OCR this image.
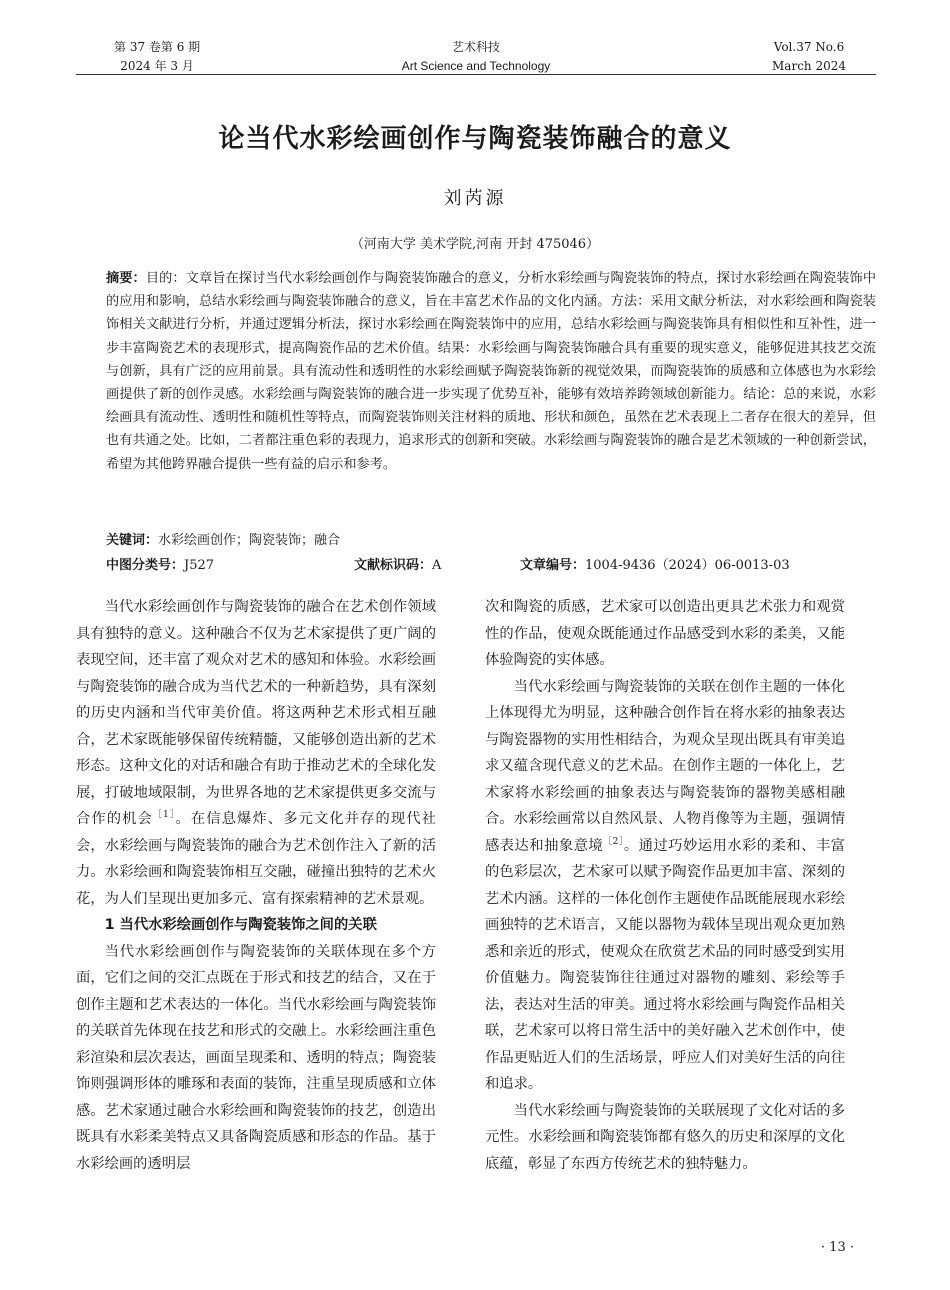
第 37 卷第 6 期
2024 年 3 月
艺术科技
Art Science and Technology
Vol.37 No.6
March 2024
论当代水彩绘画创作与陶瓷装饰融合的意义
刘芮源
（河南大学 美术学院,河南 开封 475046）
摘要：目的：文章旨在探讨当代水彩绘画创作与陶瓷装饰融合的意义，分析水彩绘画与陶瓷装饰的特点，探讨水彩绘画在陶瓷装饰中的应用和影响，总结水彩绘画与陶瓷装饰融合的意义，旨在丰富艺术作品的文化内涵。方法：采用文献分析法，对水彩绘画和陶瓷装饰相关文献进行分析，并通过逻辑分析法，探讨水彩绘画在陶瓷装饰中的应用，总结水彩绘画与陶瓷装饰具有相似性和互补性，进一步丰富陶瓷艺术的表现形式，提高陶瓷作品的艺术价值。结果：水彩绘画与陶瓷装饰融合具有重要的现实意义，能够促进其技艺交流与创新，具有广泛的应用前景。具有流动性和透明性的水彩绘画赋予陶瓷装饰新的视觉效果，而陶瓷装饰的质感和立体感也为水彩绘画提供了新的创作灵感。水彩绘画与陶瓷装饰的融合进一步实现了优势互补，能够有效培养跨领域创新能力。结论：总的来说，水彩绘画具有流动性、透明性和随机性等特点，而陶瓷装饰则关注材料的质地、形状和颜色，虽然在艺术表现上二者存在很大的差异，但也有共通之处。比如，二者都注重色彩的表现力，追求形式的创新和突破。水彩绘画与陶瓷装饰的融合是艺术领域的一种创新尝试，希望为其他跨界融合提供一些有益的启示和参考。
关键词：水彩绘画创作；陶瓷装饰；融合
中图分类号：J527	文献标识码：A	文章编号：1004-9436（2024）06-0013-03

当代水彩绘画创作与陶瓷装饰的融合在艺术创作领域具有独特的意义。这种融合不仅为艺术家提供了更广阔的表现空间，还丰富了观众对艺术的感知和体验。水彩绘画与陶瓷装饰的融合成为当代艺术的一种新趋势，具有深刻的历史内涵和当代审美价值。将这两种艺术形式相互融合，艺术家既能够保留传统精髓，又能够创造出新的艺术形态。这种文化的对话和融合有助于推动艺术的全球化发展，打破地域限制，为世界各地的艺术家提供更多交流与合作的机会$^{[1]}$。在信息爆炸、多元文化并存的现代社会，水彩绘画与陶瓷装饰的融合为艺术创作注入了新的活力。水彩绘画和陶瓷装饰相互交融，碰撞出独特的艺术火花，为人们呈现出更加多元、富有探索精神的艺术景观。

1 当代水彩绘画创作与陶瓷装饰之间的关联

当代水彩绘画创作与陶瓷装饰的关联体现在多个方面，它们之间的交汇点既在于形式和技艺的结合，又在于创作主题和艺术表达的一体化。当代水彩绘画与陶瓷装饰的关联首先体现在技艺和形式的交融上。水彩绘画注重色彩渲染和层次表达，画面呈现柔和、透明的特点；陶瓷装饰则强调形体的雕琢和表面的装饰，注重呈现质感和立体感。艺术家通过融合水彩绘画和陶瓷装饰的技艺，创造出既具有水彩柔美特点又具备陶瓷质感和形态的作品。基于水彩绘画的透明层

次和陶瓷的质感，艺术家可以创造出更具艺术张力和观赏性的作品，使观众既能通过作品感受到水彩的柔美，又能体验陶瓷的实体感。

当代水彩绘画与陶瓷装饰的关联在创作主题的一体化上体现得尤为明显，这种融合创作旨在将水彩的抽象表达与陶瓷器物的实用性相结合，为观众呈现出既具有审美追求又蕴含现代意义的艺术品。在创作主题的一体化上，艺术家将水彩绘画的抽象表达与陶瓷装饰的器物美感相融合。水彩绘画常以自然风景、人物肖像等为主题，强调情感表达和抽象意境$^{[2]}$。通过巧妙运用水彩的柔和、丰富的色彩层次，艺术家可以赋予陶瓷作品更加丰富、深刻的艺术内涵。这样的一体化创作主题使作品既能展现水彩绘画独特的艺术语言，又能以器物为载体呈现出观众更加熟悉和亲近的形式，使观众在欣赏艺术品的同时感受到实用价值魅力。陶瓷装饰往往通过对器物的雕刻、彩绘等手法，表达对生活的审美。通过将水彩绘画与陶瓷作品相关联，艺术家可以将日常生活中的美好融入艺术创作中，使作品更贴近人们的生活场景，呼应人们对美好生活的向往和追求。

当代水彩绘画与陶瓷装饰的关联展现了文化对话的多元性。水彩绘画和陶瓷装饰都有悠久的历史和深厚的文化底蕴，彰显了东西方传统艺术的独特魅力。

· 13 ·
